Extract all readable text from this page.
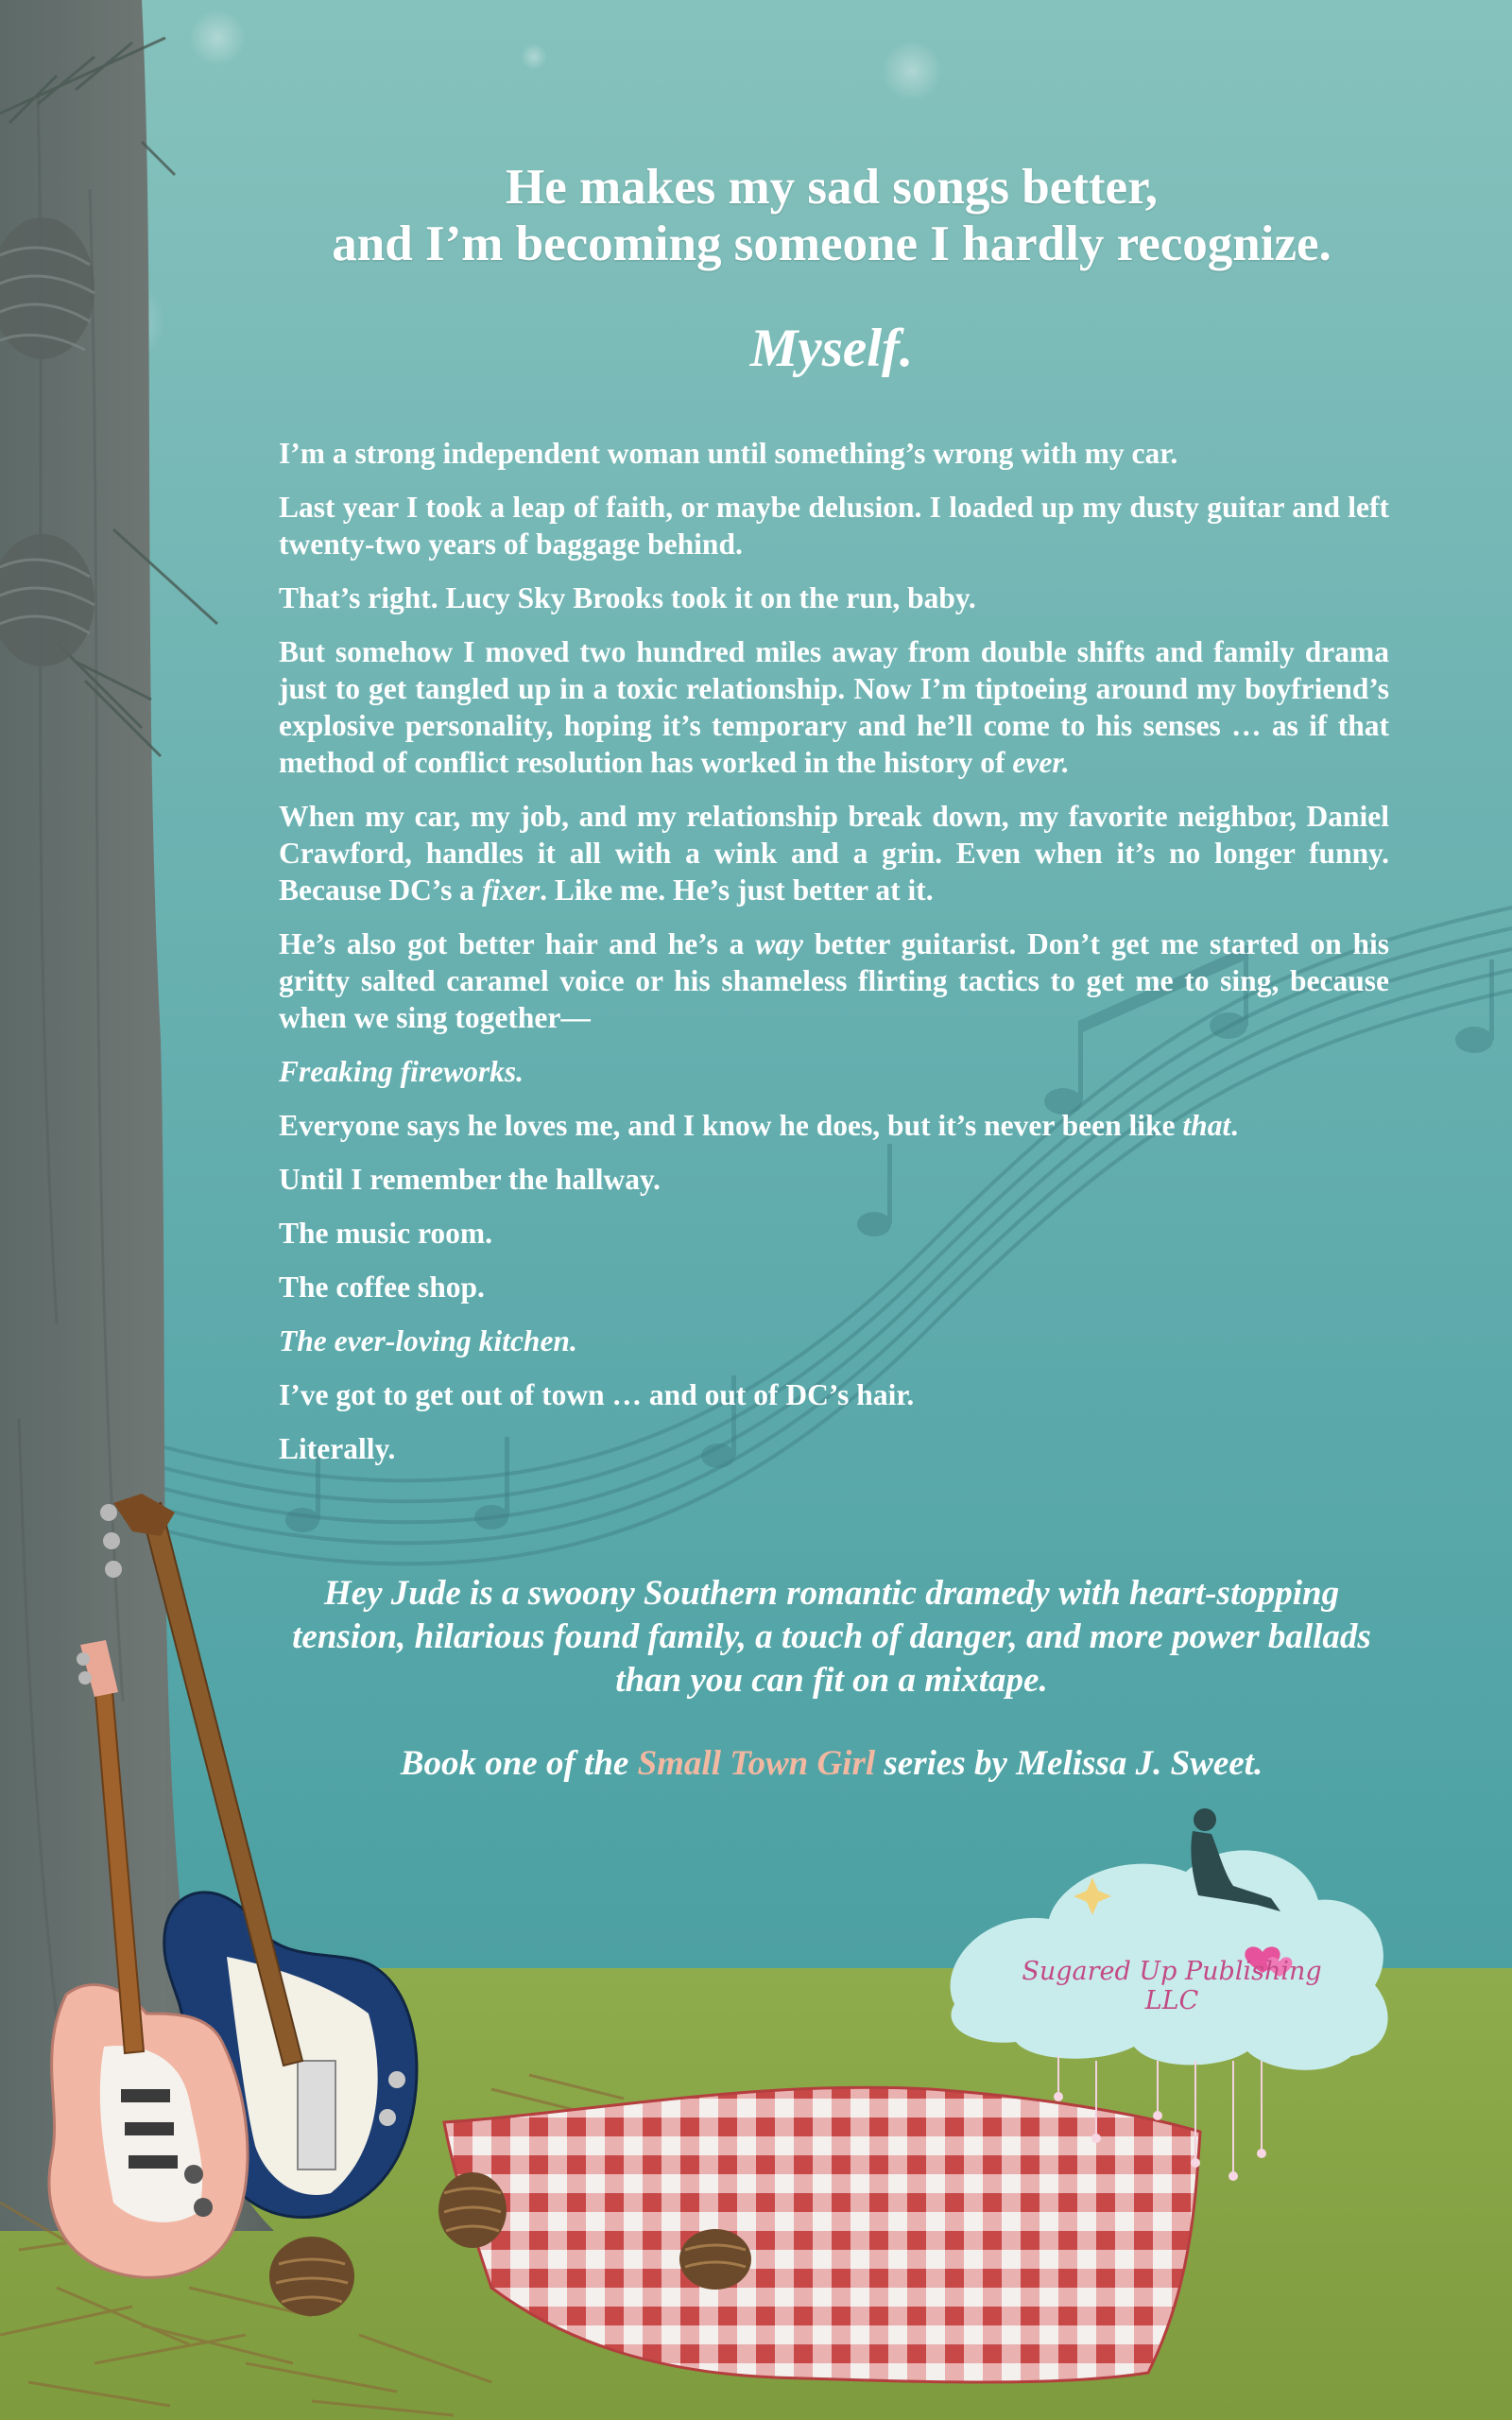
He makes my sad songs better,
and I’m becoming someone I hardly recognize.
Myself.

I’m a strong independent woman until something’s wrong with my car.

Last year I took a leap of faith, or maybe delusion. I loaded up my dusty guitar and left twenty-two years of baggage behind.

That’s right. Lucy Sky Brooks took it on the run, baby.

But somehow I moved two hundred miles away from double shifts and family drama just to get tangled up in a toxic relationship. Now I’m tiptoeing around my boyfriend’s explosive personality, hoping it’s temporary and he’ll come to his senses … as if that method of conflict resolution has worked in the history of ever.

When my car, my job, and my relationship break down, my favorite neighbor, Daniel Crawford, handles it all with a wink and a grin. Even when it’s no longer funny. Because DC’s a fixer. Like me. He’s just better at it.

He’s also got better hair and he’s a way better guitarist. Don’t get me started on his gritty salted caramel voice or his shameless flirting tactics to get me to sing, because when we sing together—

Freaking fireworks.

Everyone says he loves me, and I know he does, but it’s never been like that.

Until I remember the hallway.

The music room.

The coffee shop.

The ever-loving kitchen.

I’ve got to get out of town … and out of DC’s hair.

Literally.

Hey Jude is a swoony Southern romantic dramedy with heart-stopping tension, hilarious found family, a touch of danger, and more power ballads than you can fit on a mixtape.
Book one of the Small Town Girl series by Melissa J. Sweet.
Sugared Up Publishing LLC
